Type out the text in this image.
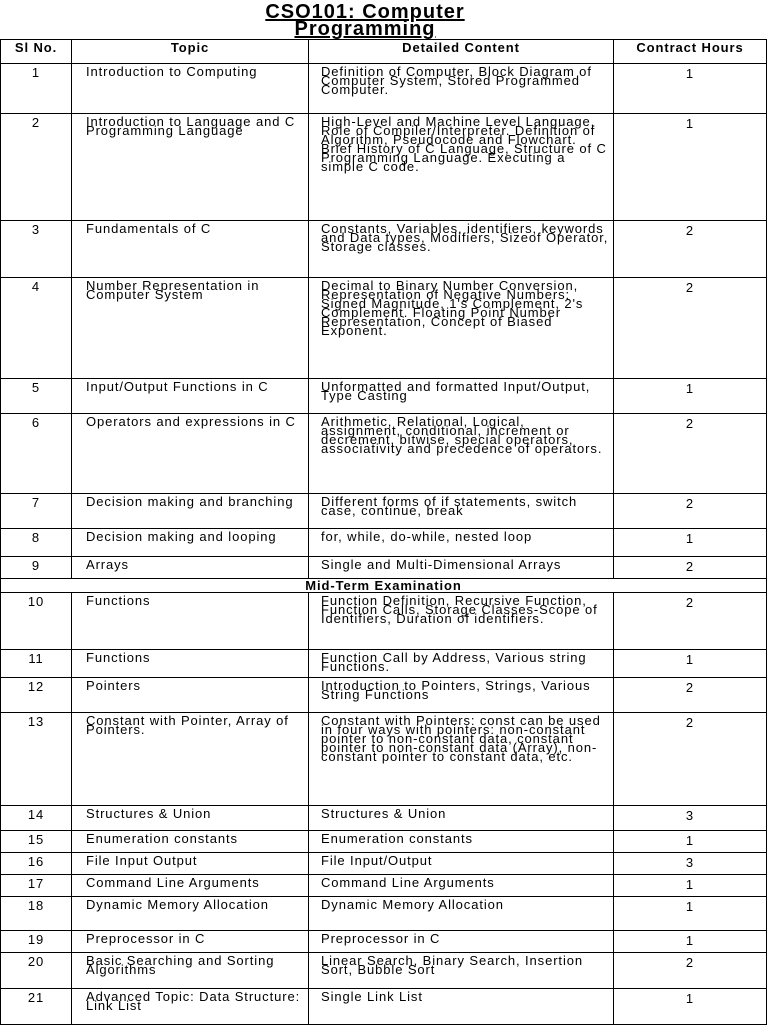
CSO101: Computer
Programming
Sl No.	Topic	Detailed Content	Contract Hours
1	Introduction to Computing	Definition of Computer, Block Diagram of Computer System, Stored Programmed Computer.	1
2	Introduction to Language and C Programming Language	High-Level and Machine Level Language, Role of Compiler/Interpreter. Definition of Algorithm, Pseudocode and Flowchart. Brief History of C Language, Structure of C Programming Language. Executing a simple C code.	1
3	Fundamentals of C	Constants, Variables, identifiers, keywords and Data types, Modifiers, Sizeof Operator, Storage classes.	2
4	Number Representation in Computer System	Decimal to Binary Number Conversion, Representation of Negative Numbers: Signed Magnitude, 1's Complement, 2's Complement. Floating Point Number Representation, Concept of Biased Exponent.	2
5	Input/Output Functions in C	Unformatted and formatted Input/Output, Type Casting	1
6	Operators and expressions in C	Arithmetic, Relational, Logical, assignment, conditional, increment or decrement, bitwise, special operators, associativity and precedence of operators.	2
7	Decision making and branching	Different forms of if statements, switch case, continue, break	2
8	Decision making and looping	for, while, do-while, nested loop	1
9	Arrays	Single and Multi-Dimensional Arrays	2
Mid-Term Examination			
10	Functions	Function Definition, Recursive Function, Function Calls, Storage Classes-Scope of Identifiers, Duration of identifiers.	2
11	Functions	Function Call by Address, Various string Functions.	1
12	Pointers	Introduction to Pointers, Strings, Various String Functions	2
13	Constant with Pointer, Array of Pointers.	Constant with Pointers: const can be used in four ways with pointers: non-constant pointer to non-constant data, constant pointer to non-constant data (Array), non-constant pointer to constant data, etc.	2
14	Structures & Union	Structures & Union	3
15	Enumeration constants	Enumeration constants	1
16	File Input Output	File Input/Output	3
17	Command Line Arguments	Command Line Arguments	1
18	Dynamic Memory Allocation	Dynamic Memory Allocation	1
19	Preprocessor in C	Preprocessor in C	1
20	Basic Searching and Sorting Algorithms	Linear Search, Binary Search, Insertion Sort, Bubble Sort	2
21	Advanced Topic: Data Structure: Link List	Single Link List	1
